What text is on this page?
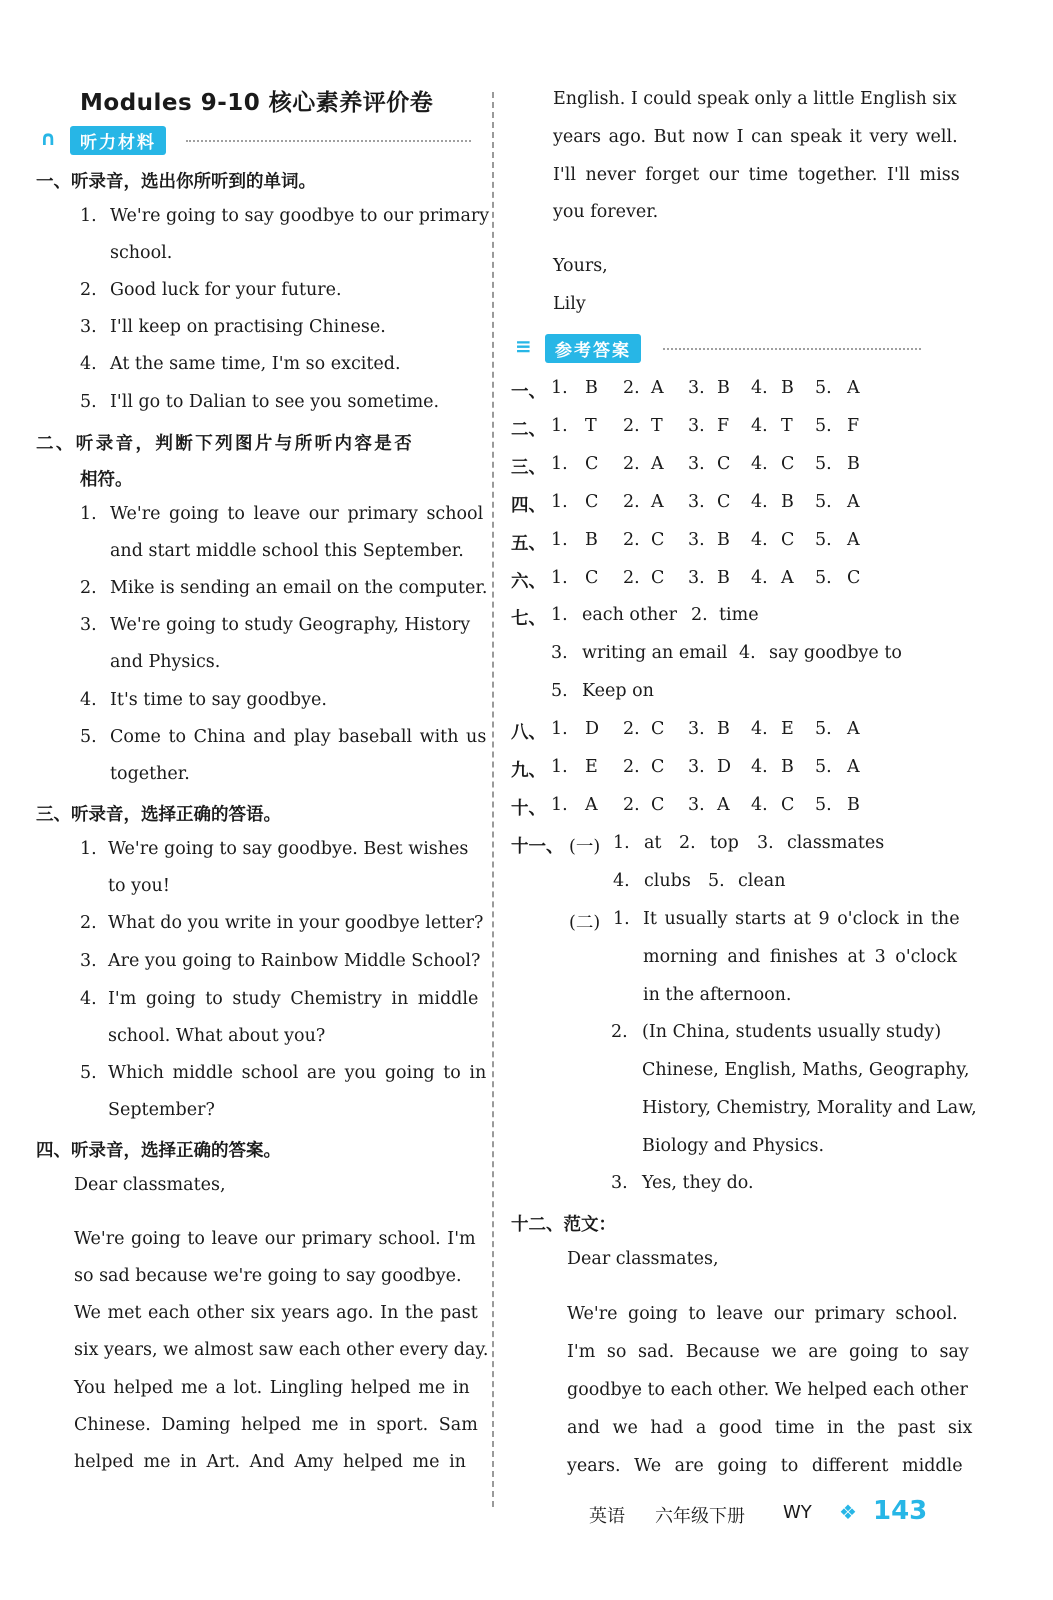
Modules 9-10 核心素养评价卷
∩	听力材料
一、听录音，选出你所听到的单词。
1. We're going to say goodbye to our primary
school.
2. Good luck for your future.
3. I'll keep on practising Chinese.
4. At the same time, I'm so excited.
5. I'll go to Dalian to see you sometime.
二、听录音，判断下列图片与所听内容是否
相符。
1. We're going to leave our primary school
and start middle school this September.
2. Mike is sending an email on the computer.
3. We're going to study Geography, History
and Physics.
4. It's time to say goodbye.
5. Come to China and play baseball with us
together.
三、听录音，选择正确的答语。
1. We're going to say goodbye. Best wishes
to you!
2. What do you write in your goodbye letter?
3. Are you going to Rainbow Middle School?
4. I'm going to study Chemistry in middle
school. What about you?
5. Which middle school are you going to in
September?
四、听录音，选择正确的答案。
Dear classmates,
We're going to leave our primary school. I'm
so sad because we're going to say goodbye.
We met each other six years ago. In the past
six years, we almost saw each other every day.
You helped me a lot. Lingling helped me in
Chinese. Daming helped me in sport. Sam
helped me in Art. And Amy helped me in
English. I could speak only a little English six
years ago. But now I can speak it very well.
I'll never forget our time together. I'll miss
you forever.
Yours,
Lily
≡	参考答案
一、 1. B 2. A 3. B 4. B 5. A
二、 1. T 2. T 3. F 4. T 5. F
三、 1. C 2. A 3. C 4. C 5. B
四、 1. C 2. A 3. C 4. B 5. A
五、 1. B 2. C 3. B 4. C 5. A
六、 1. C 2. C 3. B 4. A 5. C
七、 1. each other 2. time
3. writing an email 4. say goodbye to
5. Keep on
八、 1. D 2. C 3. B 4. E 5. A
九、 1. E 2. C 3. D 4. B 5. A
十、 1. A 2. C 3. A 4. C 5. B
十一、 (一) 1. at 2. top 3. classmates
4. clubs 5. clean
(二) 1. It usually starts at 9 o'clock in the
morning and finishes at 3 o'clock
in the afternoon.
2. (In China, students usually study)
Chinese, English, Maths, Geography,
History, Chemistry, Morality and Law,
Biology and Physics.
3. Yes, they do.
十二、范文：
Dear classmates,
We're going to leave our primary school.
I'm so sad. Because we are going to say
goodbye to each other. We helped each other
and we had a good time in the past six
years. We are going to different middle
英语 六年级下册 WY ❖ 143
